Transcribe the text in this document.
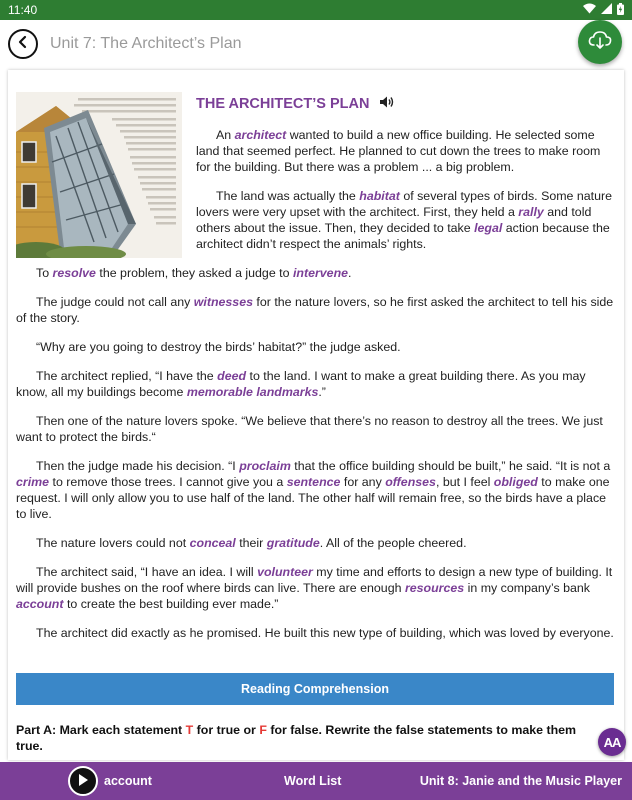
11:40
Unit 7: The Architect’s Plan
THE ARCHITECT’S PLAN

An architect wanted to build a new office building. He selected some land that seemed perfect. He planned to cut down the trees to make room for the building. But there was a problem ... a big problem.

The land was actually the habitat of several types of birds. Some nature lovers were very upset with the architect. First, they held a rally and told others about the issue. Then, they decided to take legal action because the architect didn’t respect the animals’ rights.

To resolve the problem, they asked a judge to intervene.

The judge could not call any witnesses for the nature lovers, so he first asked the architect to tell his side of the story.

“Why are you going to destroy the birds’ habitat?” the judge asked.

The architect replied, “I have the deed to the land. I want to make a great building there. As you may know, all my buildings become memorable landmarks.”

Then one of the nature lovers spoke. “We believe that there’s no reason to destroy all the trees. We just want to protect the birds.“

Then the judge made his decision. “I proclaim that the office building should be built,” he said. “It is not a crime to remove those trees. I cannot give you a sentence for any offenses, but I feel obliged to make one request. I will only allow you to use half of the land. The other half will remain free, so the birds have a place to live.

The nature lovers could not conceal their gratitude. All of the people cheered.

The architect said, “I have an idea. I will volunteer my time and efforts to design a new type of building. It will provide bushes on the roof where birds can live. There are enough resources in my company’s bank account to create the best building ever made.”

The architect did exactly as he promised. He built this new type of building, which was loved by everyone.

Reading Comprehension
Part A: Mark each statement T for true or F for false. Rewrite the false statements to make them true.	AA
account	Word List	Unit 8: Janie and the Music Player
